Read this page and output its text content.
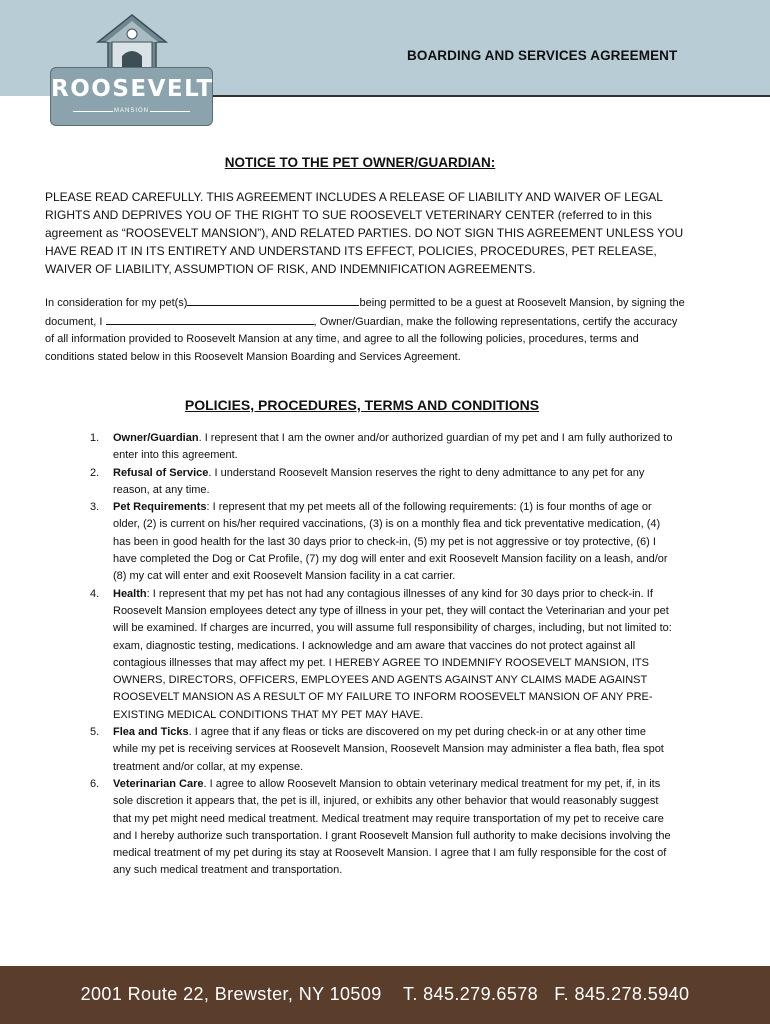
BOARDING AND SERVICES AGREEMENT
ROOSEVELT
MANSION
NOTICE TO THE PET OWNER/GUARDIAN:

PLEASE READ CAREFULLY. THIS AGREEMENT INCLUDES A RELEASE OF LIABILITY AND WAIVER OF LEGAL RIGHTS AND DEPRIVES YOU OF THE RIGHT TO SUE ROOSEVELT VETERINARY CENTER (referred to in this agreement as “ROOSEVELT MANSION”), AND RELATED PARTIES. DO NOT SIGN THIS AGREEMENT UNLESS YOU HAVE READ IT IN ITS ENTIRETY AND UNDERSTAND ITS EFFECT, POLICIES, PROCEDURES, PET RELEASE, WAIVER OF LIABILITY, ASSUMPTION OF RISK, AND INDEMNIFICATION AGREEMENTS.

In consideration for my pet(s)	being permitted to be a guest at Roosevelt Mansion, by signing the document, I	, Owner/Guardian, make the following representations, certify the accuracy of all information provided to Roosevelt Mansion at any time, and agree to all the following policies, procedures, terms and conditions stated below in this Roosevelt Mansion Boarding and Services Agreement.

POLICIES, PROCEDURES, TERMS AND CONDITIONS
1. Owner/Guardian. I represent that I am the owner and/or authorized guardian of my pet and I am fully authorized to enter into this agreement.
2. Refusal of Service. I understand Roosevelt Mansion reserves the right to deny admittance to any pet for any reason, at any time.
3. Pet Requirements: I represent that my pet meets all of the following requirements: (1) is four months of age or older, (2) is current on his/her required vaccinations, (3) is on a monthly flea and tick preventative medication, (4) has been in good health for the last 30 days prior to check-in, (5) my pet is not aggressive or toy protective, (6) I have completed the Dog or Cat Profile, (7) my dog will enter and exit Roosevelt Mansion facility on a leash, and/or (8) my cat will enter and exit Roosevelt Mansion facility in a cat carrier.
4. Health: I represent that my pet has not had any contagious illnesses of any kind for 30 days prior to check-in. If Roosevelt Mansion employees detect any type of illness in your pet, they will contact the Veterinarian and your pet will be examined. If charges are incurred, you will assume full responsibility of charges, including, but not limited to: exam, diagnostic testing, medications. I acknowledge and am aware that vaccines do not protect against all contagious illnesses that may affect my pet. I HEREBY AGREE TO INDEMNIFY ROOSEVELT MANSION, ITS OWNERS, DIRECTORS, OFFICERS, EMPLOYEES AND AGENTS AGAINST ANY CLAIMS MADE AGAINST ROOSEVELT MANSION AS A RESULT OF MY FAILURE TO INFORM ROOSEVELT MANSION OF ANY PRE-EXISTING MEDICAL CONDITIONS THAT MY PET MAY HAVE.
5. Flea and Ticks. I agree that if any fleas or ticks are discovered on my pet during check-in or at any other time while my pet is receiving services at Roosevelt Mansion, Roosevelt Mansion may administer a flea bath, flea spot treatment and/or collar, at my expense.
6. Veterinarian Care. I agree to allow Roosevelt Mansion to obtain veterinary medical treatment for my pet, if, in its sole discretion it appears that, the pet is ill, injured, or exhibits any other behavior that would reasonably suggest that my pet might need medical treatment. Medical treatment may require transportation of my pet to receive care and I hereby authorize such transportation. I grant Roosevelt Mansion full authority to make decisions involving the medical treatment of my pet during its stay at Roosevelt Mansion. I agree that I am fully responsible for the cost of any such medical treatment and transportation.
2001 Route 22, Brewster, NY 10509 T. 845.279.6578 F. 845.278.5940
